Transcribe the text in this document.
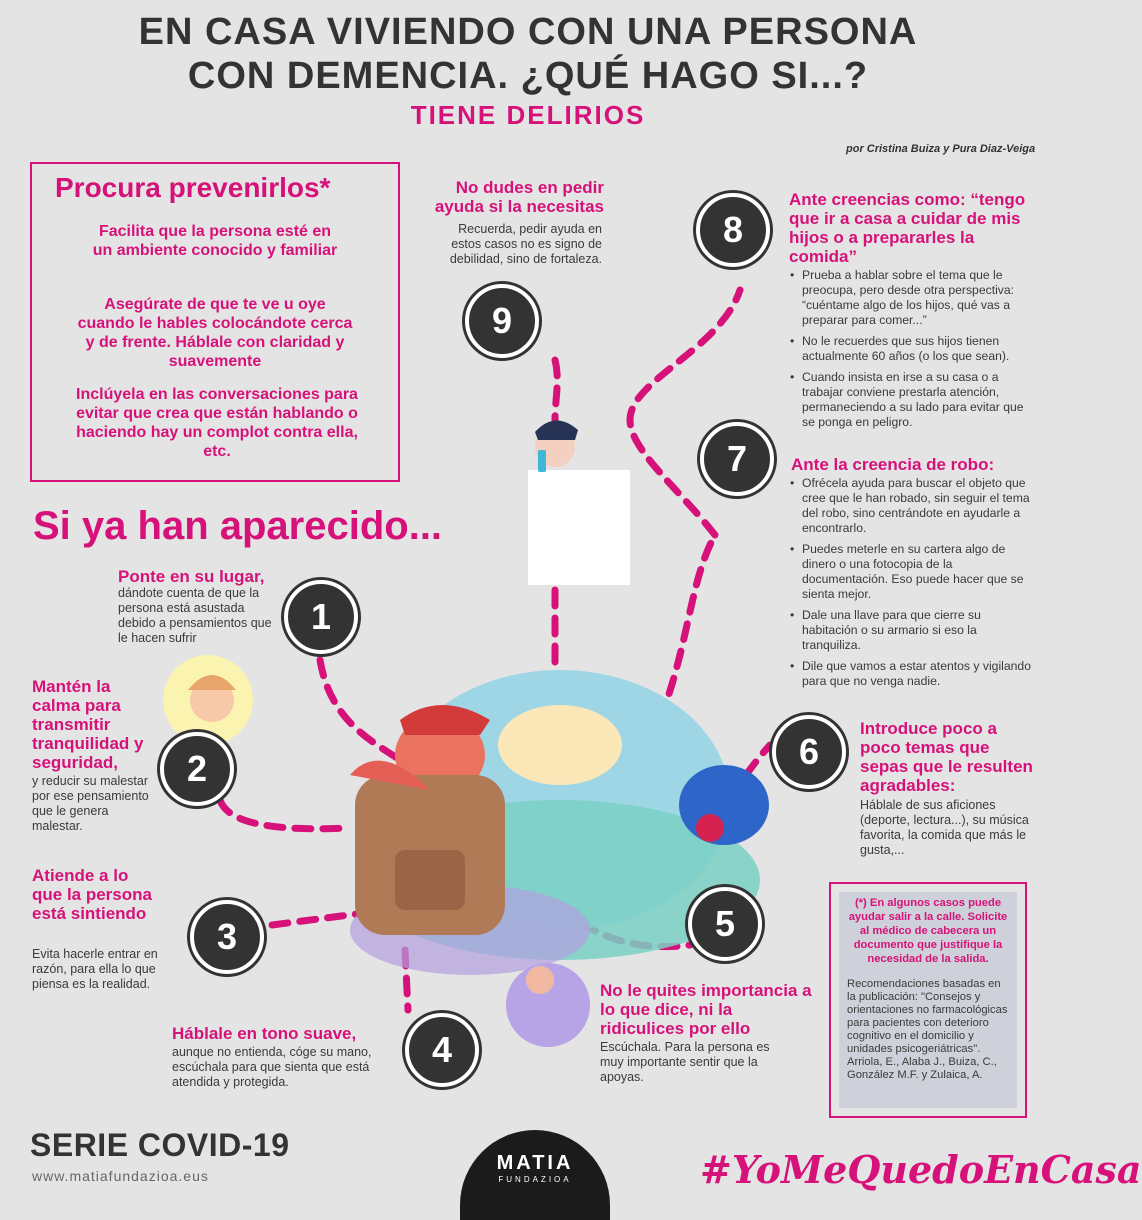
EN CASA VIVIENDO CON UNA PERSONA
CON DEMENCIA. ¿QUÉ HAGO SI...?
TIENE DELIRIOS
por Cristina Buiza y Pura Diaz-Veiga
Procura prevenirlos*
Facilita que la persona esté en un ambiente conocido y familiar
Asegúrate de que te ve u oye cuando le hables colocándote cerca y de frente. Háblale con claridad y suavemente
Inclúyela en las conversaciones para evitar que crea que están hablando o haciendo hay un complot contra ella, etc.
Si ya han aparecido...
No dudes en pedir ayuda si la necesitas
Recuerda, pedir ayuda en estos casos no es signo de debilidad, sino de fortaleza.
9
8
Ante creencias como: “tengo que ir a casa a cuidar de mis hijos o a prepararles la comida”
• Prueba a hablar sobre el tema que le preocupa, pero desde otra perspectiva: “cuéntame algo de los hijos, qué vas a preparar para comer...”
• No le recuerdes que sus hijos tienen actualmente 60 años (o los que sean).
• Cuando insista en irse a su casa o a trabajar conviene prestarla atención, permaneciendo a su lado para evitar que se ponga en peligro.
7	Ante la creencia de robo:
• Ofrécela ayuda para buscar el objeto que cree que le han robado, sin seguir el tema del robo, sino centrándote en ayudarle a encontrarlo.
• Puedes meterle en su cartera algo de dinero o una fotocopia de la documentación. Eso puede hacer que se sienta mejor.
• Dale una llave para que cierre su habitación o su armario si eso la tranquiliza.
• Dile que vamos a estar atentos y vigilando para que no venga nadie.
Ponte en su lugar,
dándote cuenta de que la persona está asustada debido a pensamientos que le hacen sufrir
1
Mantén la calma para transmitir tranquilidad y seguridad,
y reducir su malestar por ese pensamiento que le genera malestar.
2	6
Introduce poco a poco temas que sepas que le resulten agradables:
Háblale de sus aficiones (deporte, lectura...), su música favorita, la comida que más le gusta,...
Atiende a lo que la persona está sintiendo
Evita hacerle entrar en razón, para ella lo que piensa es la realidad.
3	5
No le quites importancia a lo que dice, ni la ridiculices por ello
Escúchala. Para la persona es muy importante sentir que la apoyas.
Háblale en tono suave,
aunque no entienda, cóge su mano, escúchala para que sienta que está atendida y protegida.
4
(*) En algunos casos puede ayudar salir a la calle. Solicite al médico de cabecera un documento que justifique la necesidad de la salida.
Recomendaciones basadas en la publicación: "Consejos y orientaciones no farmacológicas para pacientes con deterioro cognitivo en el domicilio y unidades psicogeriátricas". Arriola, E., Alaba J., Buiza, C., González M.F. y Zulaica, A.
SERIE COVID-19
www.matiafundazioa.eus
MATIA
FUNDAZIOA	#YoMeQuedoEnCasa
